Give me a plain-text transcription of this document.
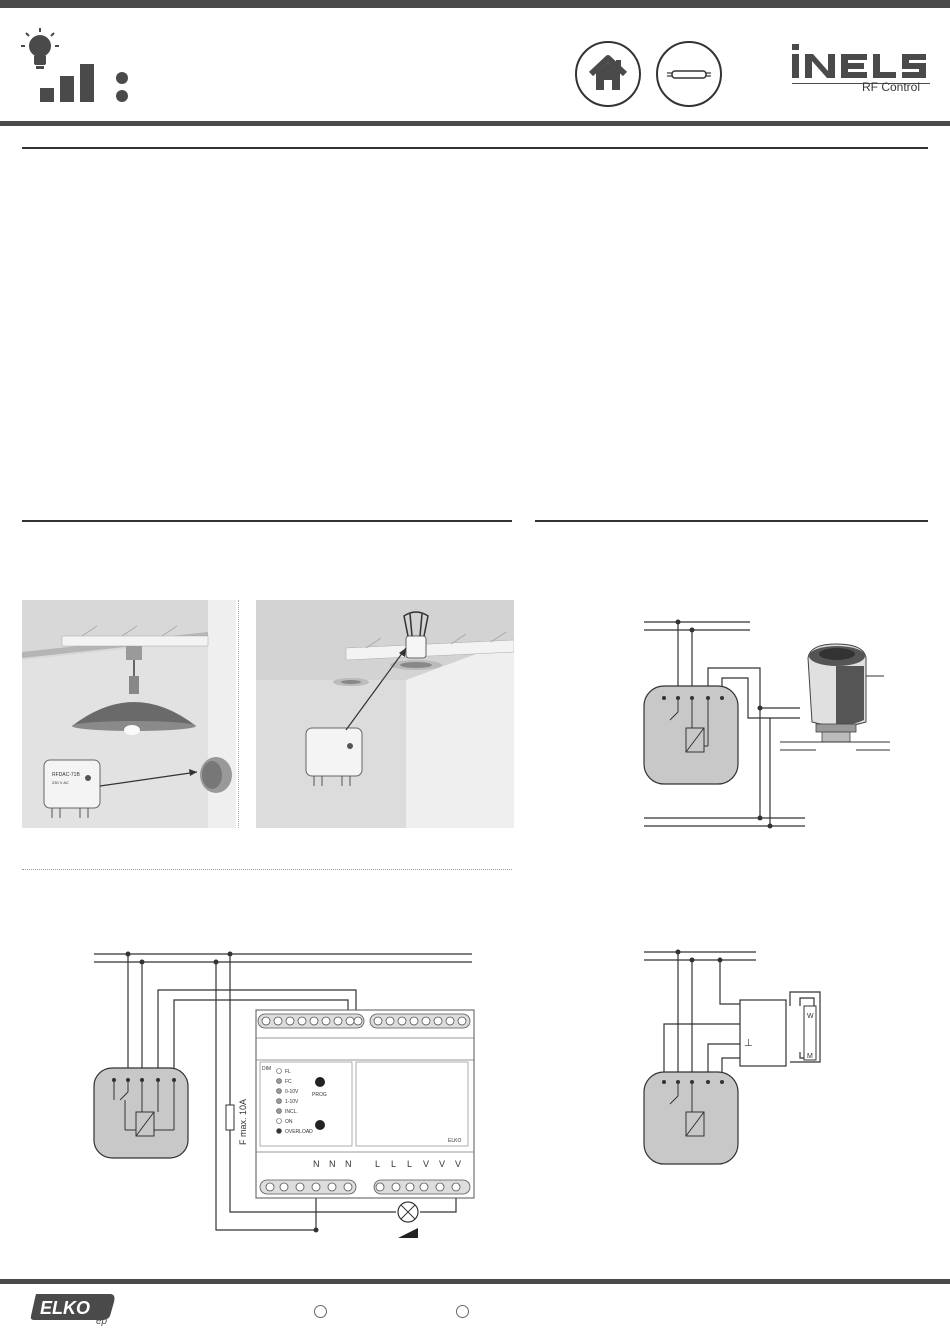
RF Control
RFDAC-71B
230 V AC
F max. 10A
DIM	FL
FC
0-10V
1-10V
INCL.
ON
OVERLOAD
PROG
ELKO
N N N	L L L V V V
⊥
W
M
ELKO
ep
